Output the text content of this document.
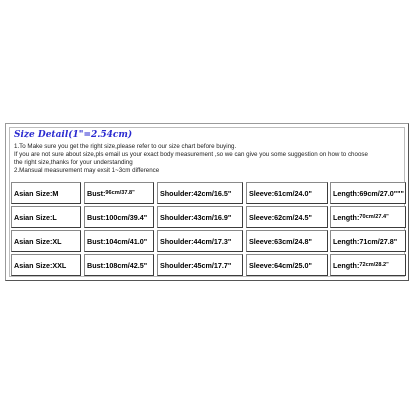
Size Detail(1"=2.54cm)
1.To Make sure you get the right size,please refer to our size chart before buying.
If you are not sure about size,pls email us your exact body measurement ,so we can give you some suggestion on how to choose
the right size,thanks for your understanding
2.Mansual measurement may exsit 1~3cm difference
Asian Size:M	Bust: 96cm/37.8"	Shoulder:42cm/16.5"	Sleeve:61cm/24.0"	Length: 69cm/27.0"""
Asian Size:L	Bust: 100cm/39.4"	Shoulder:43cm/16.9"	Sleeve:62cm/24.5"	Length: 70cm/27.4"
Asian Size:XL	Bust: 104cm/41.0"	Shoulder:44cm/17.3"	Sleeve:63cm/24.8"	Length: 71cm/27.8"
Asian Size:XXL	Bust: 108cm/42.5"	Shoulder:45cm/17.7"	Sleeve:64cm/25.0"	Length: 72cm/28.2"
